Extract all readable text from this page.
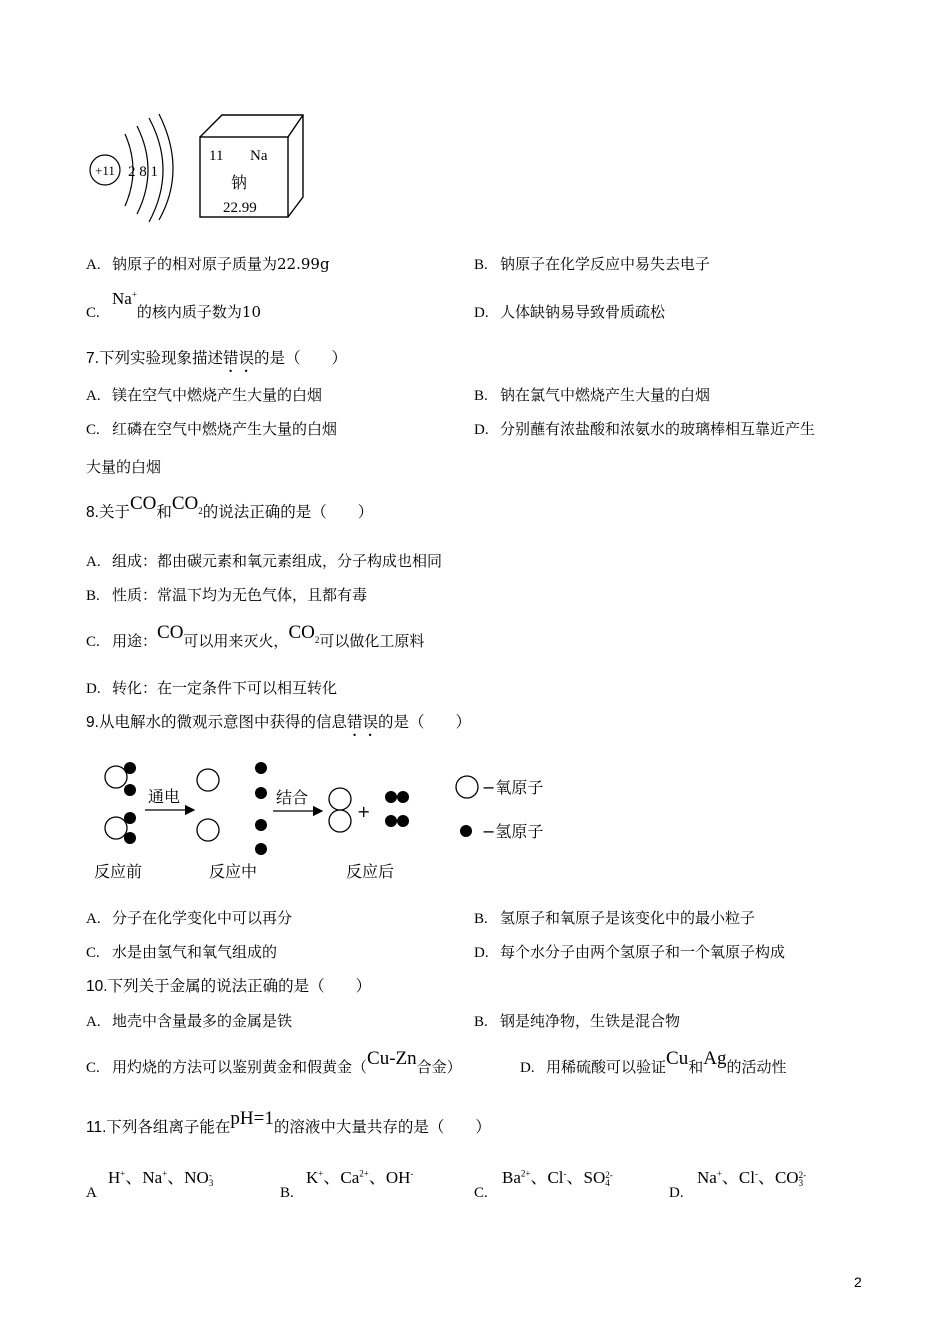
+11 2 8 1
11 Na
钠
22.99
A. 钠原子的相对原子质量为22.99g	B. 钠原子在化学反应中易失去电子
C.Na+的核内质子数为10	D. 人体缺钠易导致骨质疏松
7.下列实验现象描述错误的是（　　）
A. 镁在空气中燃烧产生大量的白烟	B. 钠在氯气中燃烧产生大量的白烟
C. 红磷在空气中燃烧产生大量的白烟	D. 分别蘸有浓盐酸和浓氨水的玻璃棒相互靠近产生
大量的白烟
8.关于CO和$CO_2$的说法正确的是（　　）
A. 组成：都由碳元素和氧元素组成，分子构成也相同
B. 性质：常温下均为无色气体，且都有毒
C. 用途：CO可以用来灭火，$CO_2$可以做化工原料
D. 转化：在一定条件下可以相互转化
9.从电解水的微观示意图中获得的信息错误的是（　　）
通电	结合
+
−氧原子
−氢原子
反应前	反应中	反应后
A. 分子在化学变化中可以再分	B. 氢原子和氧原子是该变化中的最小粒子
C. 水是由氢气和氧气组成的	D. 每个水分子由两个氢原子和一个氧原子构成
10.下列关于金属的说法正确的是（　　）
A. 地壳中含量最多的金属是铁	B. 钢是纯净物，生铁是混合物
C. 用灼烧的方法可以鉴别黄金和假黄金（Cu-Zn合金）	D. 用稀硫酸可以验证Cu和Ag的活动性
11.下列各组离子能在pH=1的溶液中大量共存的是（　　）
AH+、Na+、NO -
3
B.K+、$Ca^{2+}$、OH-
$C.Ba^{2+}$、Cl-、SO 2-
4
D.Na+、Cl-、CO 2-
3
2
